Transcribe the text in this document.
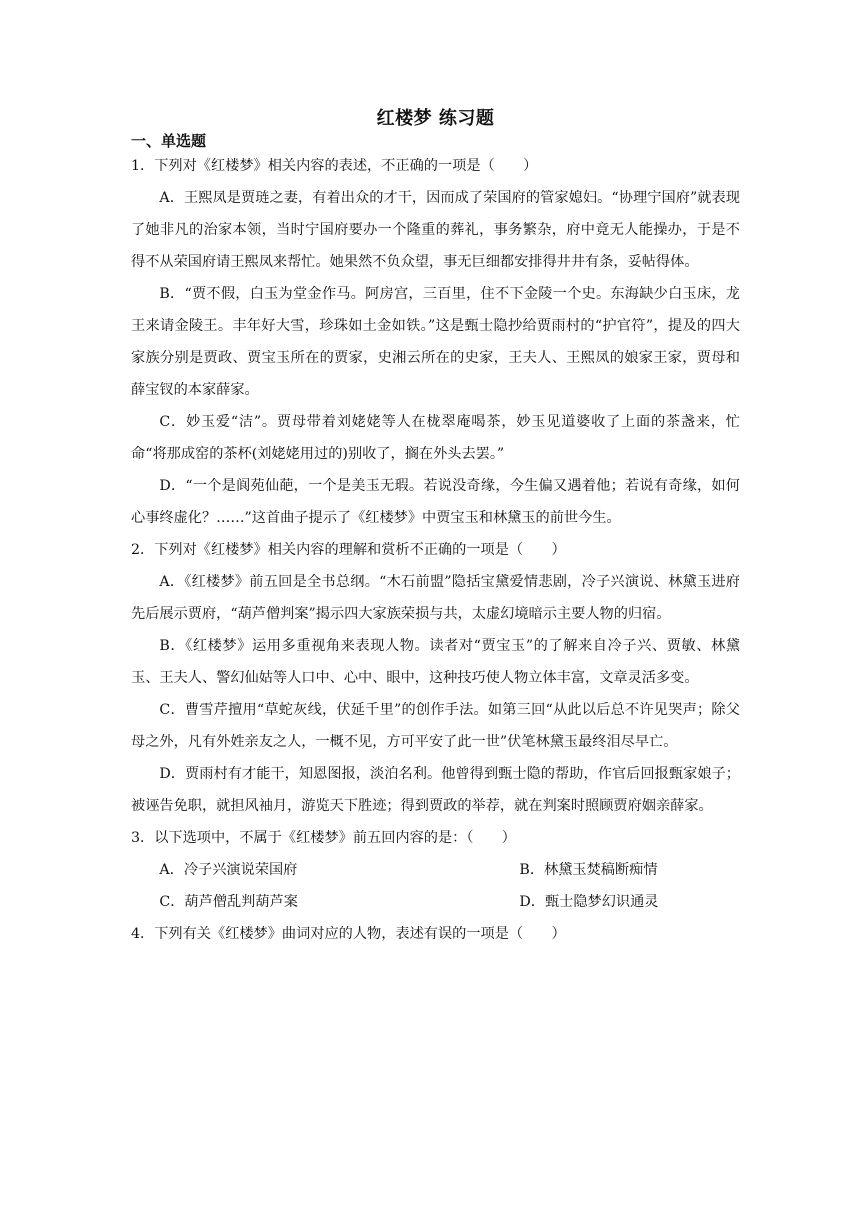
红楼梦 练习题
一、单选题

1．下列对《红楼梦》相关内容的表述，不正确的一项是（　　）

A．王熙凤是贾琏之妻，有着出众的才干，因而成了荣国府的管家媳妇。“协理宁国府”就表现了她非凡的治家本领，当时宁国府要办一个隆重的葬礼，事务繁杂，府中竟无人能操办，于是不得不从荣国府请王熙凤来帮忙。她果然不负众望，事无巨细都安排得井井有条，妥帖得体。

B．“贾不假，白玉为堂金作马。阿房宫，三百里，住不下金陵一个史。东海缺少白玉床，龙王来请金陵王。丰年好大雪，珍珠如土金如铁。”这是甄士隐抄给贾雨村的“护官符”，提及的四大家族分别是贾政、贾宝玉所在的贾家，史湘云所在的史家，王夫人、王熙凤的娘家王家，贾母和薛宝钗的本家薛家。

C．妙玉爱“洁”。贾母带着刘姥姥等人在栊翠庵喝茶，妙玉见道婆收了上面的茶盏来，忙命“将那成窑的茶杯(刘姥姥用过的)别收了，搁在外头去罢。”

D．“一个是阆苑仙葩，一个是美玉无瑕。若说没奇缘，今生偏又遇着他；若说有奇缘，如何心事终虚化？……”这首曲子提示了《红楼梦》中贾宝玉和林黛玉的前世今生。

2．下列对《红楼梦》相关内容的理解和赏析不正确的一项是（　　）

A．《红楼梦》前五回是全书总纲。“木石前盟”隐括宝黛爱情悲剧，冷子兴演说、林黛玉进府先后展示贾府，“葫芦僧判案”揭示四大家族荣损与共，太虚幻境暗示主要人物的归宿。

B．《红楼梦》运用多重视角来表现人物。读者对“贾宝玉”的了解来自冷子兴、贾敏、林黛玉、王夫人、警幻仙姑等人口中、心中、眼中，这种技巧使人物立体丰富，文章灵活多变。

C．曹雪芹擅用“草蛇灰线，伏延千里”的创作手法。如第三回“从此以后总不许见哭声；除父母之外，凡有外姓亲友之人，一概不见，方可平安了此一世”伏笔林黛玉最终泪尽早亡。

D．贾雨村有才能干，知恩图报，淡泊名利。他曾得到甄士隐的帮助，作官后回报甄家娘子；被诬告免职，就担风袖月，游览天下胜迹；得到贾政的举荐，就在判案时照顾贾府姻亲薛家。

3．以下选项中，不属于《红楼梦》前五回内容的是：（　　）

A．冷子兴演说荣国府	B．林黛玉焚稿断痴情
C．葫芦僧乱判葫芦案	D．甄士隐梦幻识通灵

4．下列有关《红楼梦》曲词对应的人物，表述有误的一项是（　　）
